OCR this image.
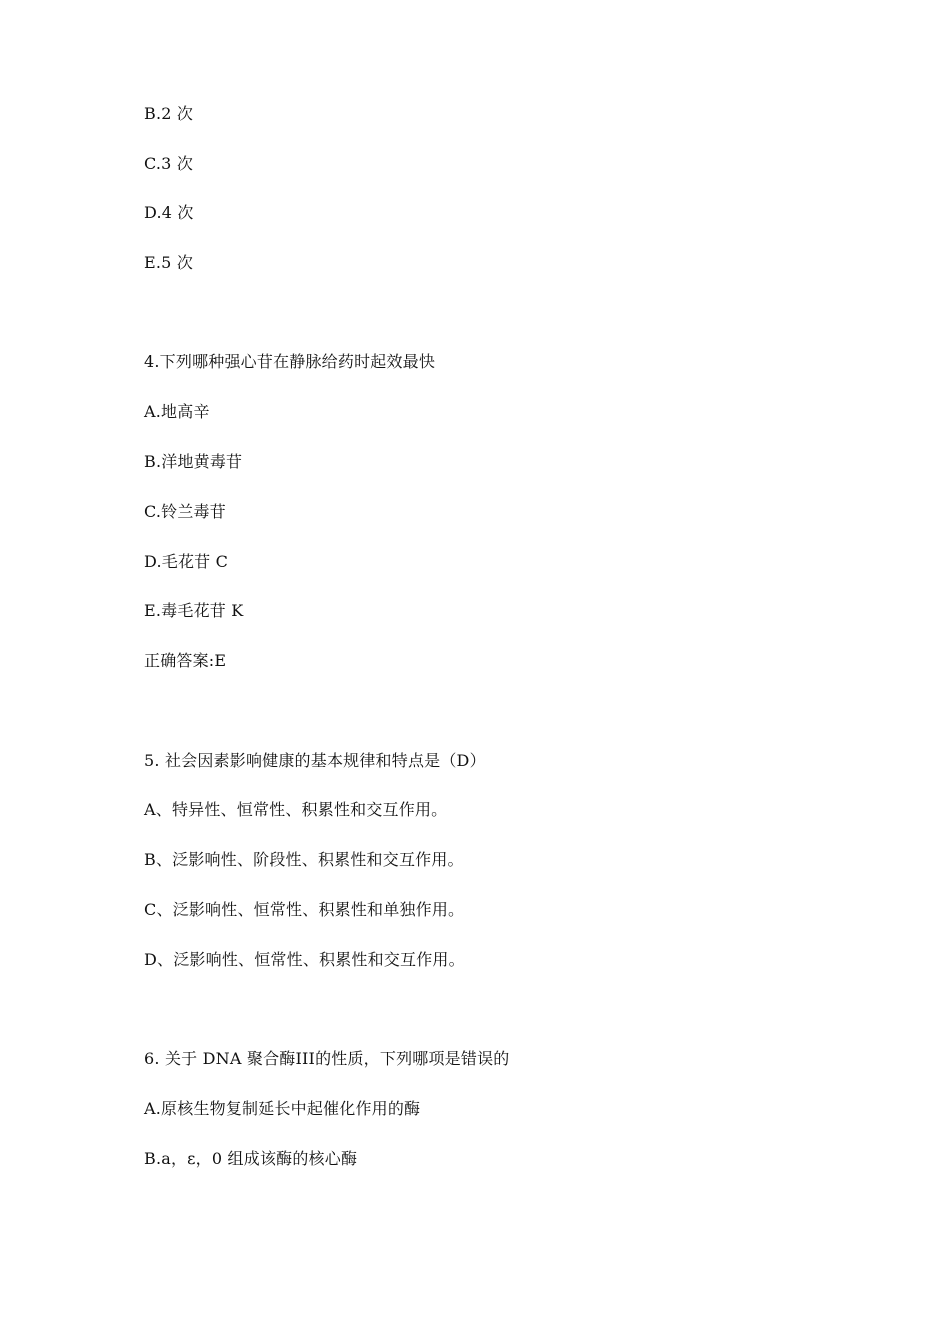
B.2 次
C.3 次
D.4 次
E.5 次
4.下列哪种强心苷在静脉给药时起效最快
A.地高辛
B.洋地黄毒苷
C.铃兰毒苷
D.毛花苷 C
E.毒毛花苷 K
正确答案:E
5. 社会因素影响健康的基本规律和特点是（D）
A、特异性、恒常性、积累性和交互作用。
B、泛影响性、阶段性、积累性和交互作用。
C、泛影响性、恒常性、积累性和单独作用。
D、泛影响性、恒常性、积累性和交互作用。
6. 关于 DNA 聚合酶III的性质，下列哪项是错误的
A.原核生物复制延长中起催化作用的酶
B.a，ε，0 组成该酶的核心酶
